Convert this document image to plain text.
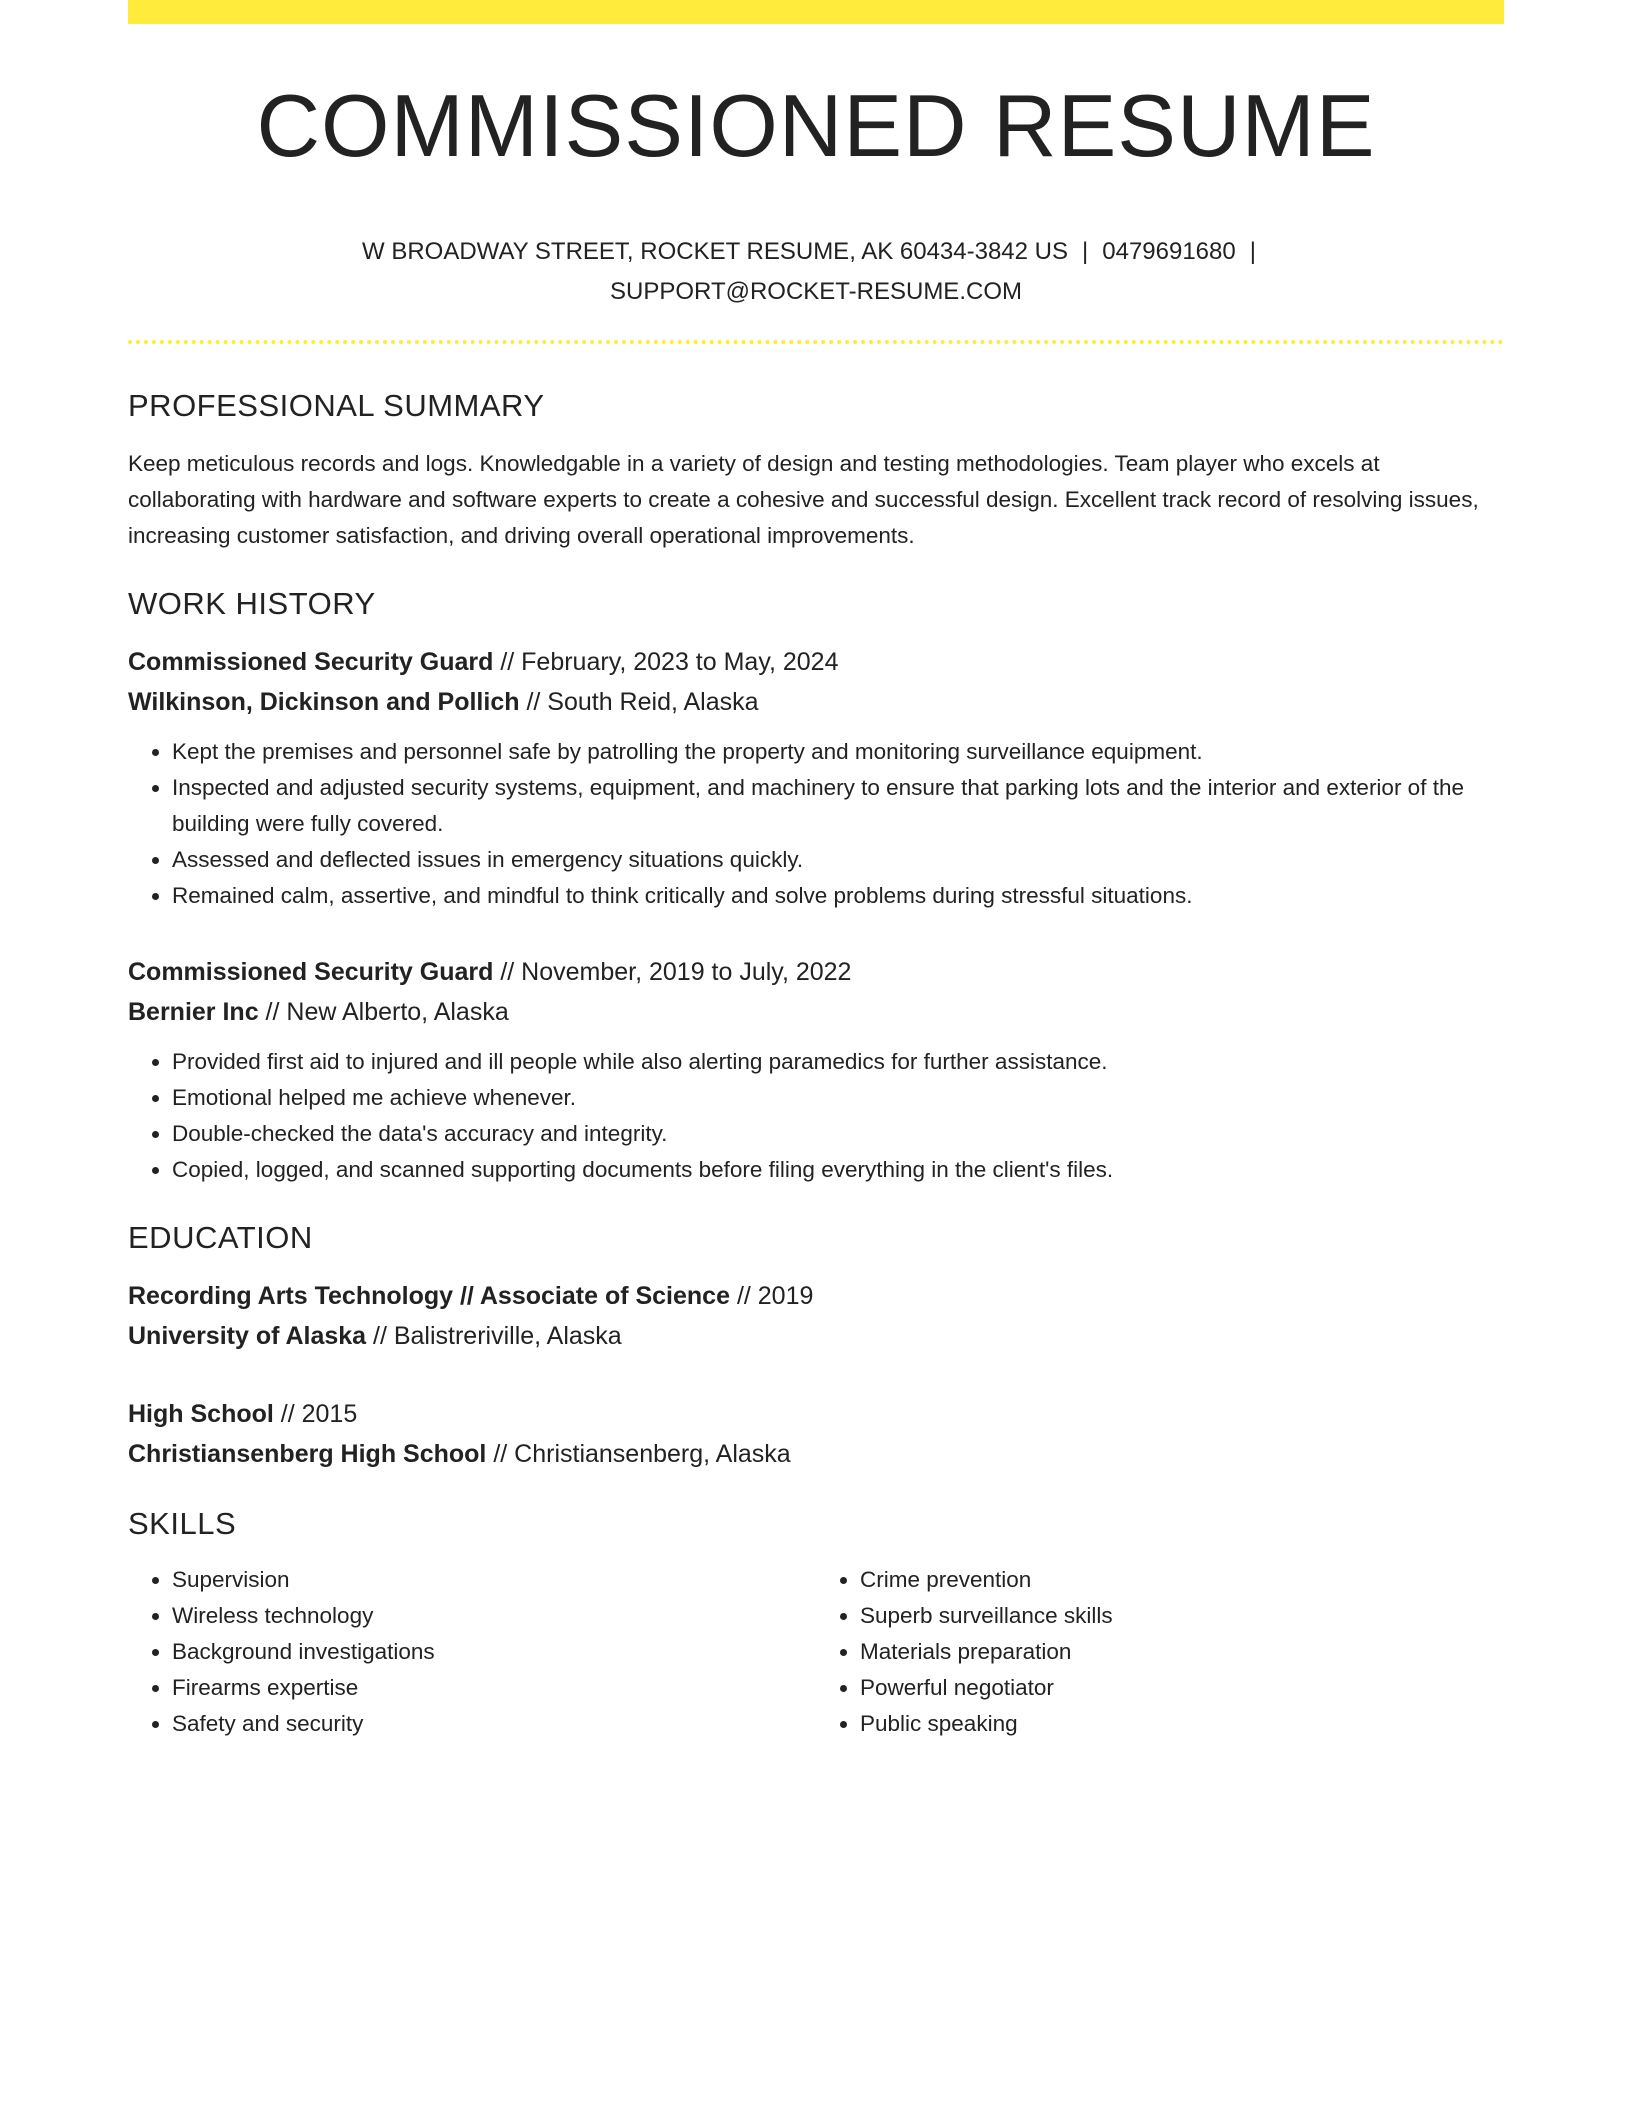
COMMISSIONED RESUME
W BROADWAY STREET, ROCKET RESUME, AK 60434-3842 US | 0479691680 |
SUPPORT@ROCKET-RESUME.COM
PROFESSIONAL SUMMARY
Keep meticulous records and logs. Knowledgable in a variety of design and testing methodologies. Team player who excels at collaborating with hardware and software experts to create a cohesive and successful design. Excellent track record of resolving issues, increasing customer satisfaction, and driving overall operational improvements.
WORK HISTORY
Commissioned Security Guard // February, 2023 to May, 2024
Wilkinson, Dickinson and Pollich // South Reid, Alaska
• Kept the premises and personnel safe by patrolling the property and monitoring surveillance equipment.
• Inspected and adjusted security systems, equipment, and machinery to ensure that parking lots and the interior and exterior of the building were fully covered.
• Assessed and deflected issues in emergency situations quickly.
• Remained calm, assertive, and mindful to think critically and solve problems during stressful situations.
Commissioned Security Guard // November, 2019 to July, 2022
Bernier Inc // New Alberto, Alaska
• Provided first aid to injured and ill people while also alerting paramedics for further assistance.
• Emotional helped me achieve whenever.
• Double-checked the data's accuracy and integrity.
• Copied, logged, and scanned supporting documents before filing everything in the client's files.
EDUCATION
Recording Arts Technology // Associate of Science // 2019
University of Alaska // Balistreriville, Alaska
High School // 2015
Christiansenberg High School // Christiansenberg, Alaska
SKILLS
• Supervision
• Wireless technology
• Background investigations
• Firearms expertise
• Safety and security
• Crime prevention
• Superb surveillance skills
• Materials preparation
• Powerful negotiator
• Public speaking
